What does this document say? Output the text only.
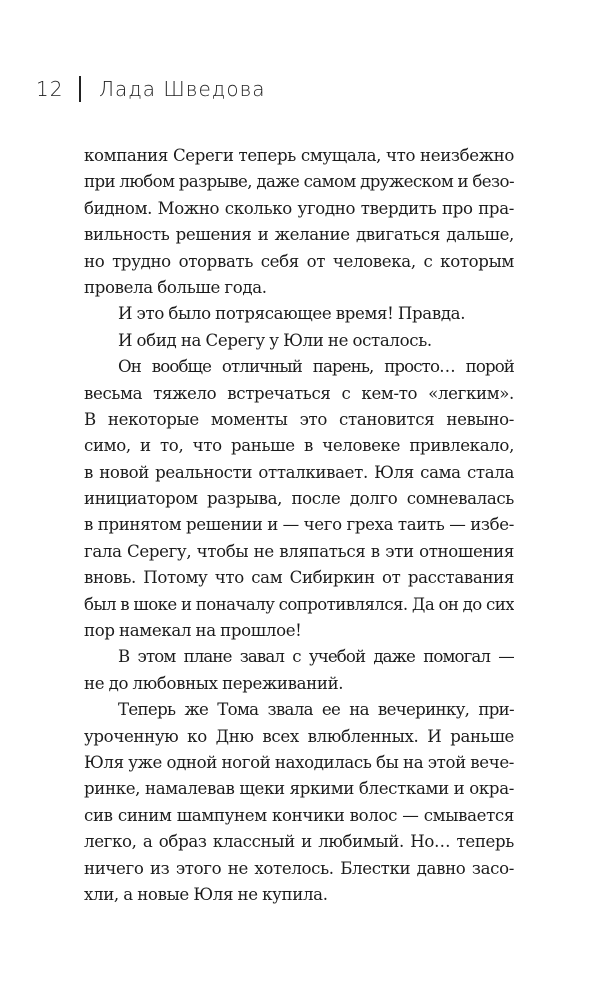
12 Лада Шведова
компания Сереги теперь смущала, что неизбежно
при любом разрыве, даже самом дружеском и безо-
бидном. Можно сколько угодно твердить про пра-
вильность решения и желание двигаться дальше,
но трудно оторвать себя от человека, с которым
провела больше года.
И это было потрясающее время! Правда.
И обид на Серегу у Юли не осталось.
Он вообще отличный парень, просто… порой
весьма тяжело встречаться с кем-то «легким».
В некоторые моменты это становится невыно-
симо, и то, что раньше в человеке привлекало,
в новой реальности отталкивает. Юля сама стала
инициатором разрыва, после долго сомневалась
в принятом решении и — чего греха таить — избе-
гала Серегу, чтобы не вляпаться в эти отношения
вновь. Потому что сам Сибиркин от расставания
был в шоке и поначалу сопротивлялся. Да он до сих
пор намекал на прошлое!
В этом плане завал с учебой даже помогал —
не до любовных переживаний.
Теперь же Тома звала ее на вечеринку, при-
уроченную ко Дню всех влюбленных. И раньше
Юля уже одной ногой находилась бы на этой вече-
ринке, намалевав щеки яркими блестками и окра-
сив синим шампунем кончики волос — смывается
легко, а образ классный и любимый. Но… теперь
ничего из этого не хотелось. Блестки давно засо-
хли, а новые Юля не купила.
